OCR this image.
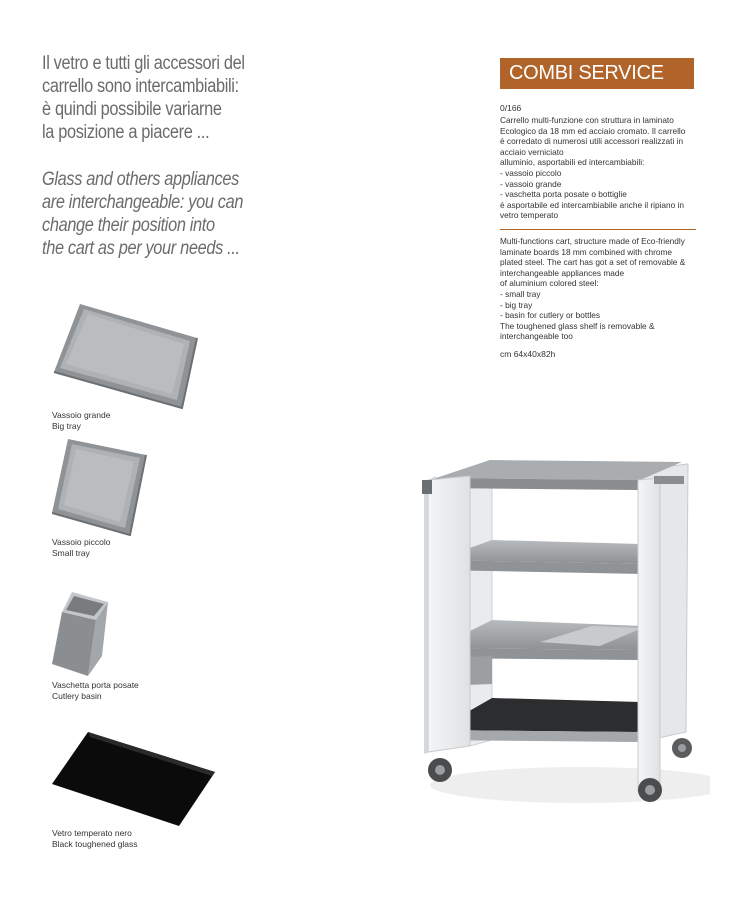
Il vetro e tutti gli accessori del
carrello sono intercambiabili:
è quindi possibile variarne
la posizione a piacere ...

Glass and others appliances
are interchangeable: you can
change their position into
the cart as per your needs ...

Vassoio grande
Big tray
Vassoio piccolo
Small tray
Vaschetta porta posate
Cutlery basin
Vetro temperato nero
Black toughened glass
COMBI SERVICE
0/166

Carrello multi-funzione con struttura in laminato

Ecologico da 18 mm ed acciaio cromato. Il carrello

è corredato di numerosi utili accessori realizzati in

acciaio verniciato

alluminio, asportabili ed intercambiabili:

- vassoio piccolo

- vassoio grande

- vaschetta porta posate o bottiglie

è asportabile ed intercambiabile anche il ripiano in

vetro temperato

Multi-functions cart, structure made of Eco-friendly

laminate boards 18 mm combined with chrome

plated steel. The cart has got a set of removable &

interchangeable appliances made

of aluminium colored steel:

- small tray

- big tray

- basin for cutlery or bottles

The toughened glass shelf is removable &

interchangeable too

cm 64x40x82h
